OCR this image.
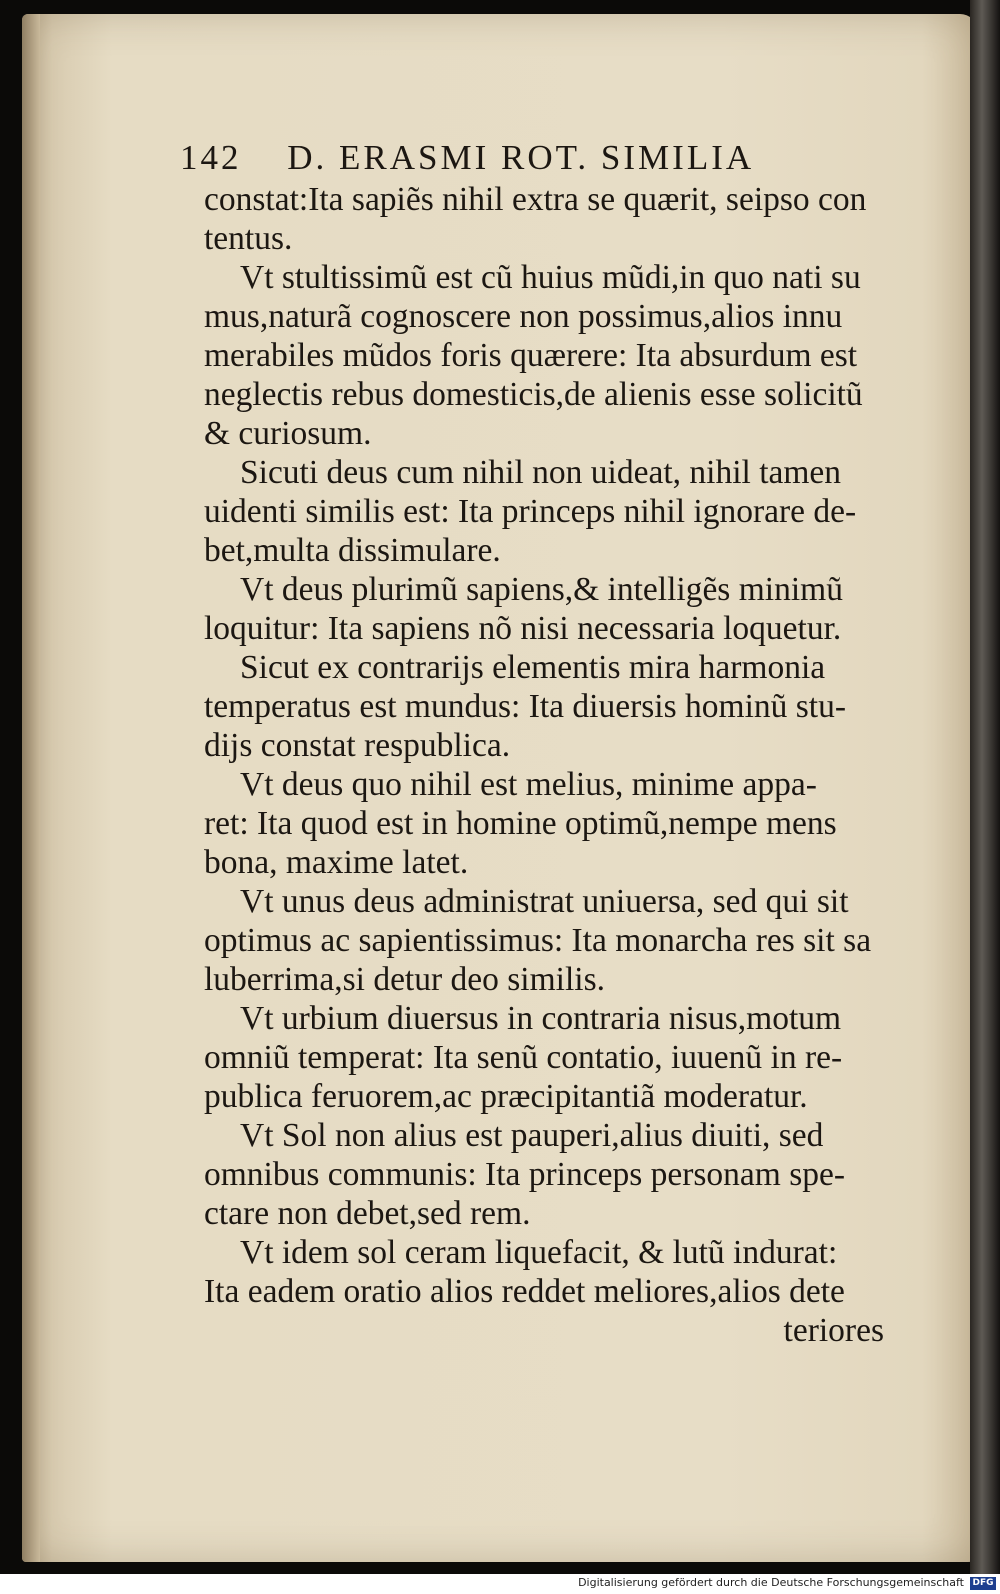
142 D. ERASMI ROT. SIMILIA
constat:Ita sapiẽs nihil extra se quærit, seipso con
tentus.
Vt stultissimũ est cũ huius mũdi,in quo nati su
mus,naturã cognoscere non possimus,alios innu
merabiles mũdos foris quærere: Ita absurdum est
neglectis rebus domesticis,de alienis esse solicitũ
& curiosum.
Sicuti deus cum nihil non uideat, nihil tamen
uidenti similis est: Ita princeps nihil ignorare de-
bet,multa dissimulare.
Vt deus plurimũ sapiens,& intelligẽs minimũ
loquitur: Ita sapiens nõ nisi necessaria loquetur.
Sicut ex contrarijs elementis mira harmonia
temperatus est mundus: Ita diuersis hominũ stu-
dijs constat respublica.
Vt deus quo nihil est melius, minime appa-
ret: Ita quod est in homine optimũ,nempe mens
bona, maxime latet.
Vt unus deus administrat uniuersa, sed qui sit
optimus ac sapientissimus: Ita monarcha res sit sa
luberrima,si detur deo similis.
Vt urbium diuersus in contraria nisus,motum
omniũ temperat: Ita senũ contatio, iuuenũ in re-
publica feruorem,ac præcipitantiã moderatur.
Vt Sol non alius est pauperi,alius diuiti, sed
omnibus communis: Ita princeps personam spe-
ctare non debet,sed rem.
Vt idem sol ceram liquefacit, & lutũ indurat:
Ita eadem oratio alios reddet meliores,alios dete
teriores
Digitalisierung gefördert durch die Deutsche Forschungsgemeinschaft DFG
